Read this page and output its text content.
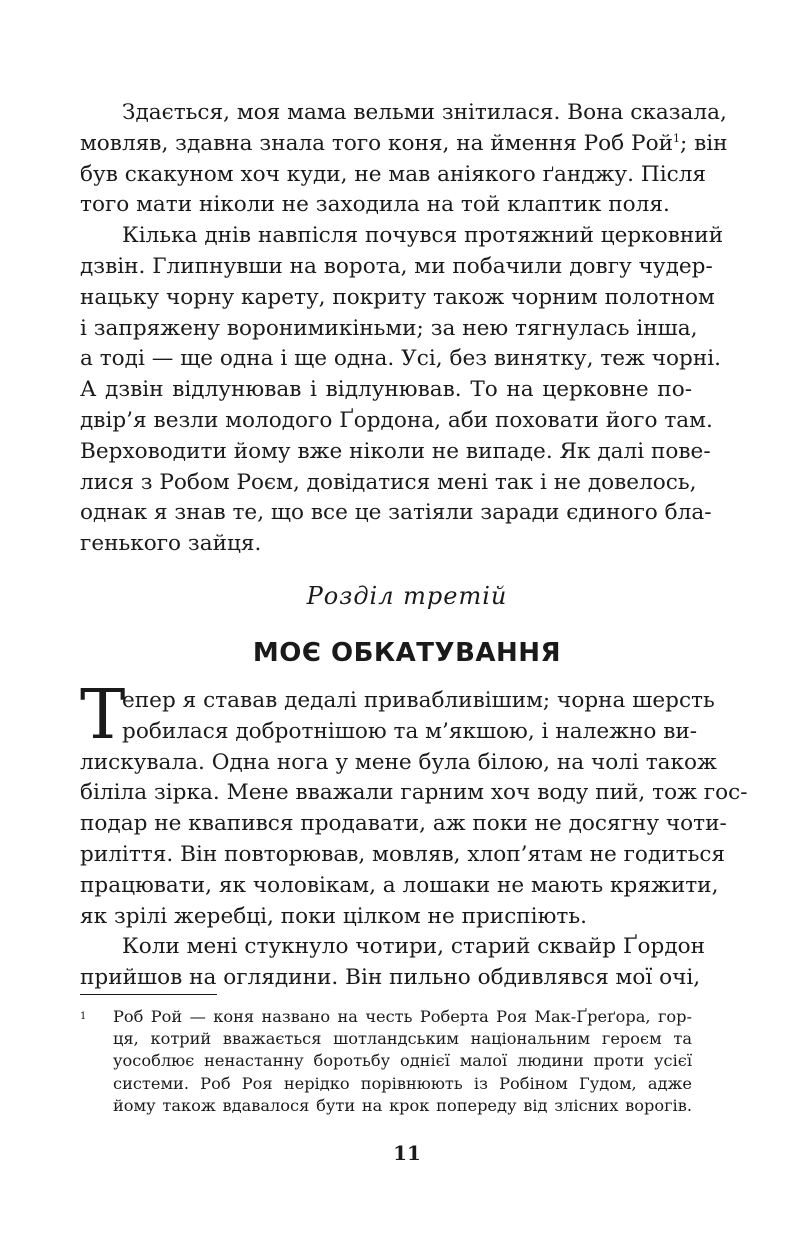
Здається, моя мама вельми знітилася. Вона сказала,
мовляв, здавна знала того коня, на ймення Роб Рой$^1$; він
був скакуном хоч куди, не мав аніякого ґанджу. Після
того мати ніколи не заходила на той клаптик поля.

Кілька днів навпісля почувся протяжний церковний
дзвін. Глипнувши на ворота, ми побачили довгу чудер-
нацьку чорну карету, покриту також чорним полотном
і запряжену воронимикіньми; за нею тягнулась інша,
а тоді — ще одна і ще одна. Усі, без винятку, теж чорні.
А дзвін відлунював і відлунював. То на церковне по-
двір’я везли молодого Ґордона, аби поховати його там.
Верховодити йому вже ніколи не випаде. Як далі пове-
лися з Робом Роєм, довідатися мені так і не довелось,
однак я знав те, що все це затіяли заради єдиного бла-
генького зайця.

Розділ третій
МОЄ ОБКАТУВАННЯ
Т

епер я ставав дедалі привабливішим; чорна шерсть
робилася добротнішою та м’якшою, і належно ви-
лискувала. Одна нога у мене була білою, на чолі також
біліла зірка. Мене вважали гарним хоч воду пий, тож гос-
подар не квапився продавати, аж поки не досягну чоти-
риліття. Він повторював, мовляв, хлоп’ятам не годиться
працювати, як чоловікам, а лошаки не мають кряжити,
як зрілі жеребці, поки цілком не приспіють.

Коли мені стукнуло чотири, старий сквайр Ґордон
прийшов на оглядини. Він пильно обдивлявся мої очі,

1 Роб Рой — коня названо на честь Роберта Роя Мак-Ґреґора, гор-
ця, котрий вважається шотландським національним героєм та
уособлює ненастанну боротьбу однієї малої людини проти усієї
системи. Роб Роя нерідко порівнюють із Робіном Гудом, адже
йому також вдавалося бути на крок попереду від злісних ворогів.
11
